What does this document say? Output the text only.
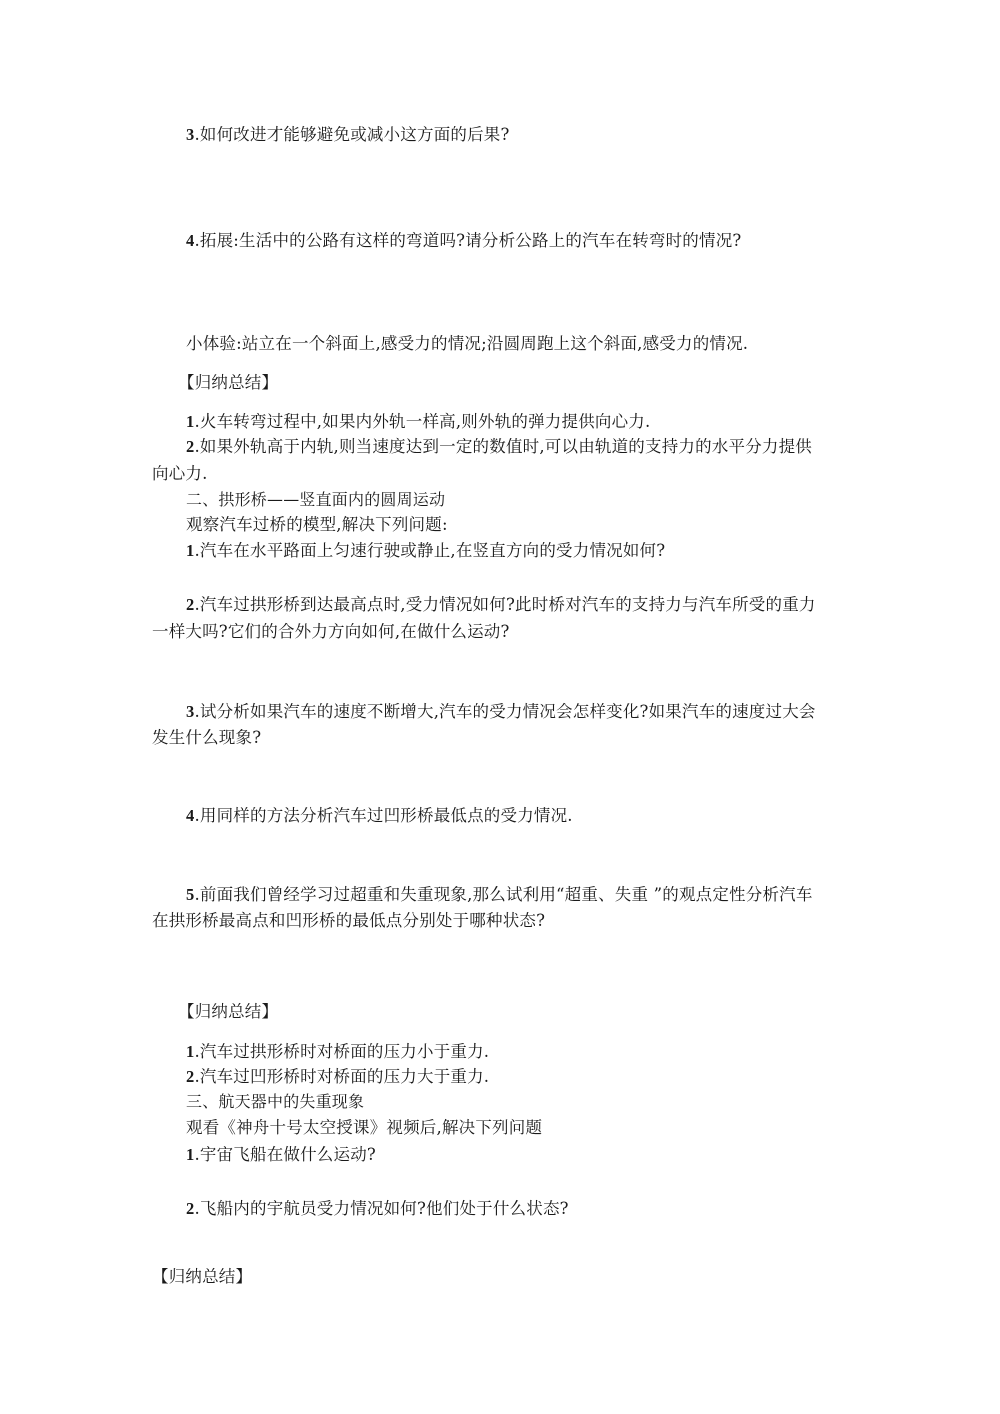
3.如何改进才能够避免或减小这方面的后果?
4.拓展:生活中的公路有这样的弯道吗?请分析公路上的汽车在转弯时的情况?
小体验:站立在一个斜面上,感受力的情况;沿圆周跑上这个斜面,感受力的情况.
【归纳总结】
1.火车转弯过程中,如果内外轨一样高,则外轨的弹力提供向心力.
2.如果外轨高于内轨,则当速度达到一定的数值时,可以由轨道的支持力的水平分力提供
向心力.
二、拱形桥——竖直面内的圆周运动
观察汽车过桥的模型,解决下列问题:
1.汽车在水平路面上匀速行驶或静止,在竖直方向的受力情况如何?
2.汽车过拱形桥到达最高点时,受力情况如何?此时桥对汽车的支持力与汽车所受的重力
一样大吗?它们的合外力方向如何,在做什么运动?
3.试分析如果汽车的速度不断增大,汽车的受力情况会怎样变化?如果汽车的速度过大会
发生什么现象?
4.用同样的方法分析汽车过凹形桥最低点的受力情况.
5.前面我们曾经学习过超重和失重现象,那么试利用“超重、失重 ”的观点定性分析汽车
在拱形桥最高点和凹形桥的最低点分别处于哪种状态?
【归纳总结】
1.汽车过拱形桥时对桥面的压力小于重力.
2.汽车过凹形桥时对桥面的压力大于重力.
三、航天器中的失重现象
观看《神舟十号太空授课》视频后,解决下列问题
1.宇宙飞船在做什么运动?
2.飞船内的宇航员受力情况如何?他们处于什么状态?
【归纳总结】
